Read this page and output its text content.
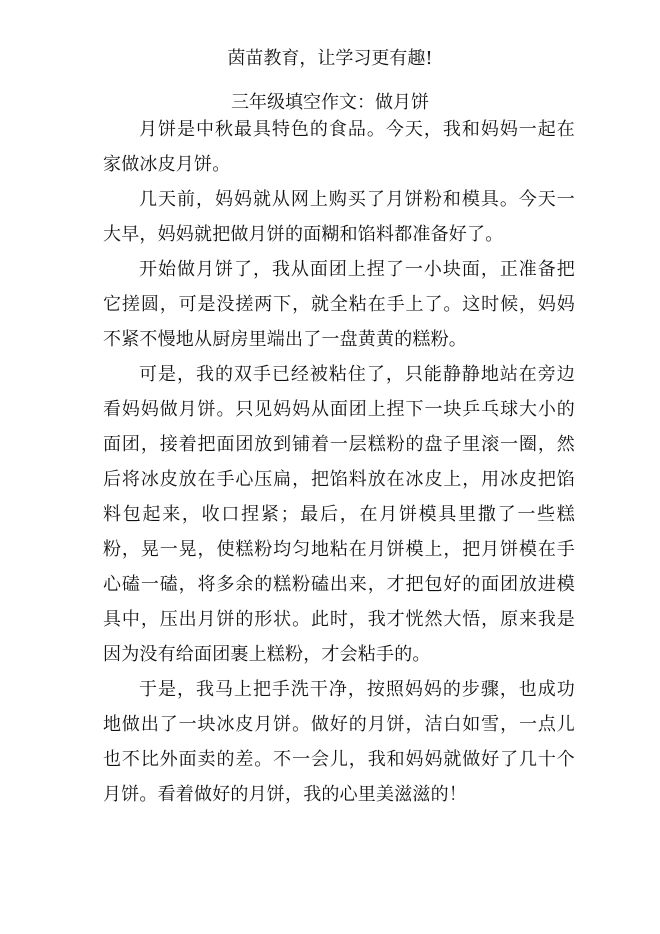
茵苗教育，让学习更有趣!
三年级填空作文：做月饼

月饼是中秋最具特色的食品。今天，我和妈妈一起在家做冰皮月饼。

几天前，妈妈就从网上购买了月饼粉和模具。今天一大早，妈妈就把做月饼的面糊和馅料都准备好了。

开始做月饼了，我从面团上捏了一小块面，正准备把它搓圆，可是没搓两下，就全粘在手上了。这时候，妈妈不紧不慢地从厨房里端出了一盘黄黄的糕粉。

可是，我的双手已经被粘住了，只能静静地站在旁边看妈妈做月饼。只见妈妈从面团上捏下一块乒乓球大小的面团，接着把面团放到铺着一层糕粉的盘子里滚一圈，然后将冰皮放在手心压扁，把馅料放在冰皮上，用冰皮把馅料包起来，收口捏紧；最后，在月饼模具里撒了一些糕粉，晃一晃，使糕粉均匀地粘在月饼模上，把月饼模在手心磕一磕，将多余的糕粉磕出来，才把包好的面团放进模具中，压出月饼的形状。此时，我才恍然大悟，原来我是因为没有给面团裹上糕粉，才会粘手的。

于是，我马上把手洗干净，按照妈妈的步骤，也成功地做出了一块冰皮月饼。做好的月饼，洁白如雪，一点儿也不比外面卖的差。不一会儿，我和妈妈就做好了几十个月饼。看着做好的月饼，我的心里美滋滋的！
